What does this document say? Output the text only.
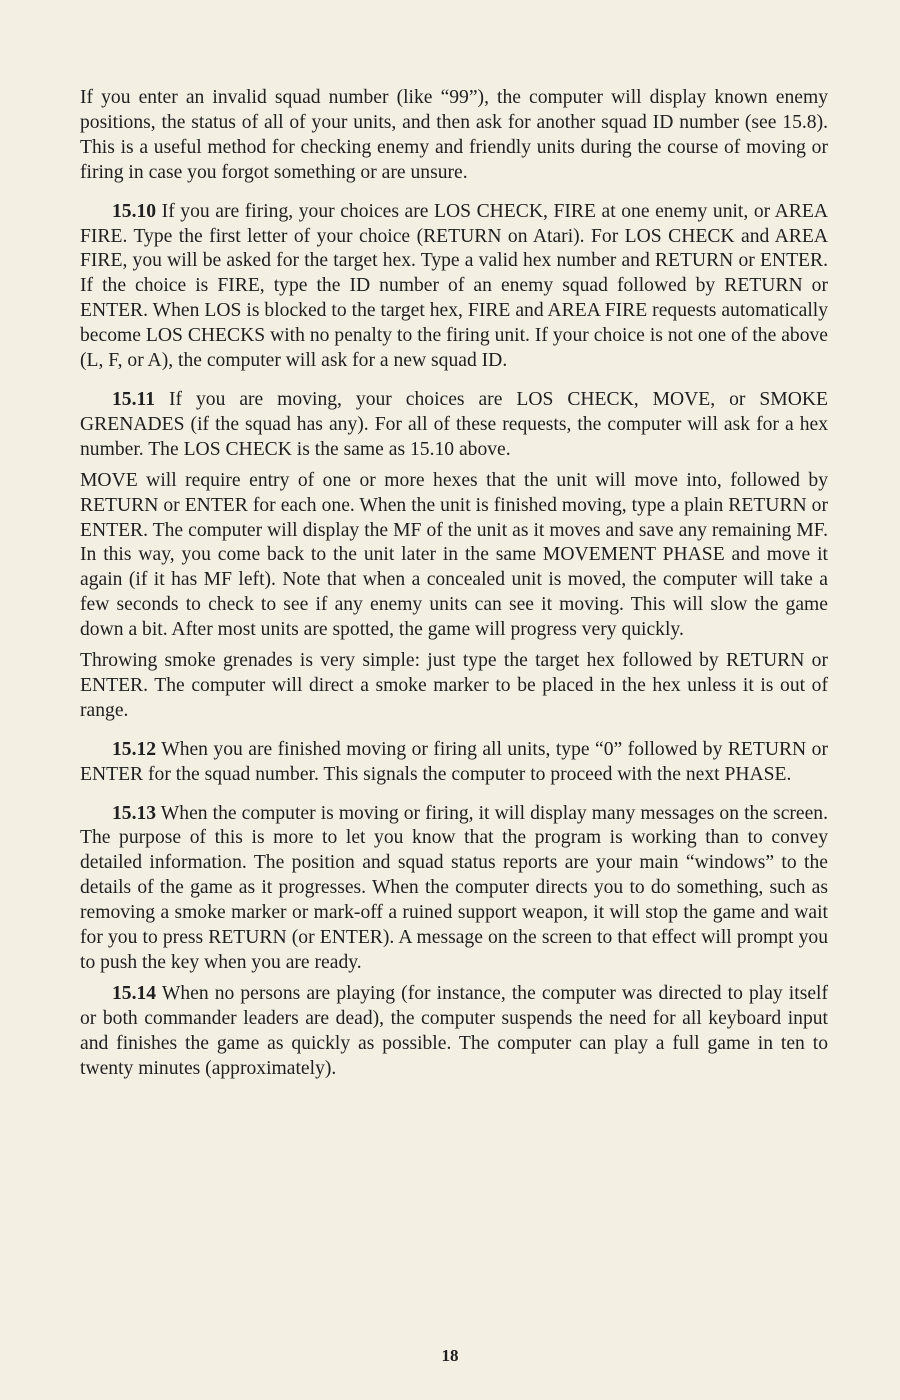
If you enter an invalid squad number (like “99”), the computer will display known enemy positions, the status of all of your units, and then ask for another squad ID number (see 15.8). This is a useful method for checking enemy and friendly units during the course of moving or firing in case you forgot something or are unsure.

15.10 If you are firing, your choices are LOS CHECK, FIRE at one enemy unit, or AREA FIRE. Type the first letter of your choice (RETURN on Atari). For LOS CHECK and AREA FIRE, you will be asked for the target hex. Type a valid hex number and RETURN or ENTER. If the choice is FIRE, type the ID number of an enemy squad followed by RETURN or ENTER. When LOS is blocked to the target hex, FIRE and AREA FIRE requests automatically become LOS CHECKS with no penalty to the firing unit. If your choice is not one of the above (L, F, or A), the computer will ask for a new squad ID.

15.11 If you are moving, your choices are LOS CHECK, MOVE, or SMOKE GRENADES (if the squad has any). For all of these requests, the computer will ask for a hex number. The LOS CHECK is the same as 15.10 above.

MOVE will require entry of one or more hexes that the unit will move into, followed by RETURN or ENTER for each one. When the unit is finished moving, type a plain RETURN or ENTER. The computer will display the MF of the unit as it moves and save any remaining MF. In this way, you come back to the unit later in the same MOVEMENT PHASE and move it again (if it has MF left). Note that when a concealed unit is moved, the computer will take a few seconds to check to see if any enemy units can see it moving. This will slow the game down a bit. After most units are spotted, the game will progress very quickly.

Throwing smoke grenades is very simple: just type the target hex followed by RETURN or ENTER. The computer will direct a smoke marker to be placed in the hex unless it is out of range.

15.12 When you are finished moving or firing all units, type “0” followed by RETURN or ENTER for the squad number. This signals the computer to proceed with the next PHASE.

15.13 When the computer is moving or firing, it will display many messages on the screen. The purpose of this is more to let you know that the program is working than to convey detailed information. The position and squad status reports are your main “windows” to the details of the game as it progresses. When the computer directs you to do something, such as removing a smoke marker or mark-off a ruined support weapon, it will stop the game and wait for you to press RETURN (or ENTER). A message on the screen to that effect will prompt you to push the key when you are ready.

15.14 When no persons are playing (for instance, the computer was directed to play itself or both commander leaders are dead), the computer suspends the need for all keyboard input and finishes the game as quickly as possible. The computer can play a full game in ten to twenty minutes (approximately).

18
